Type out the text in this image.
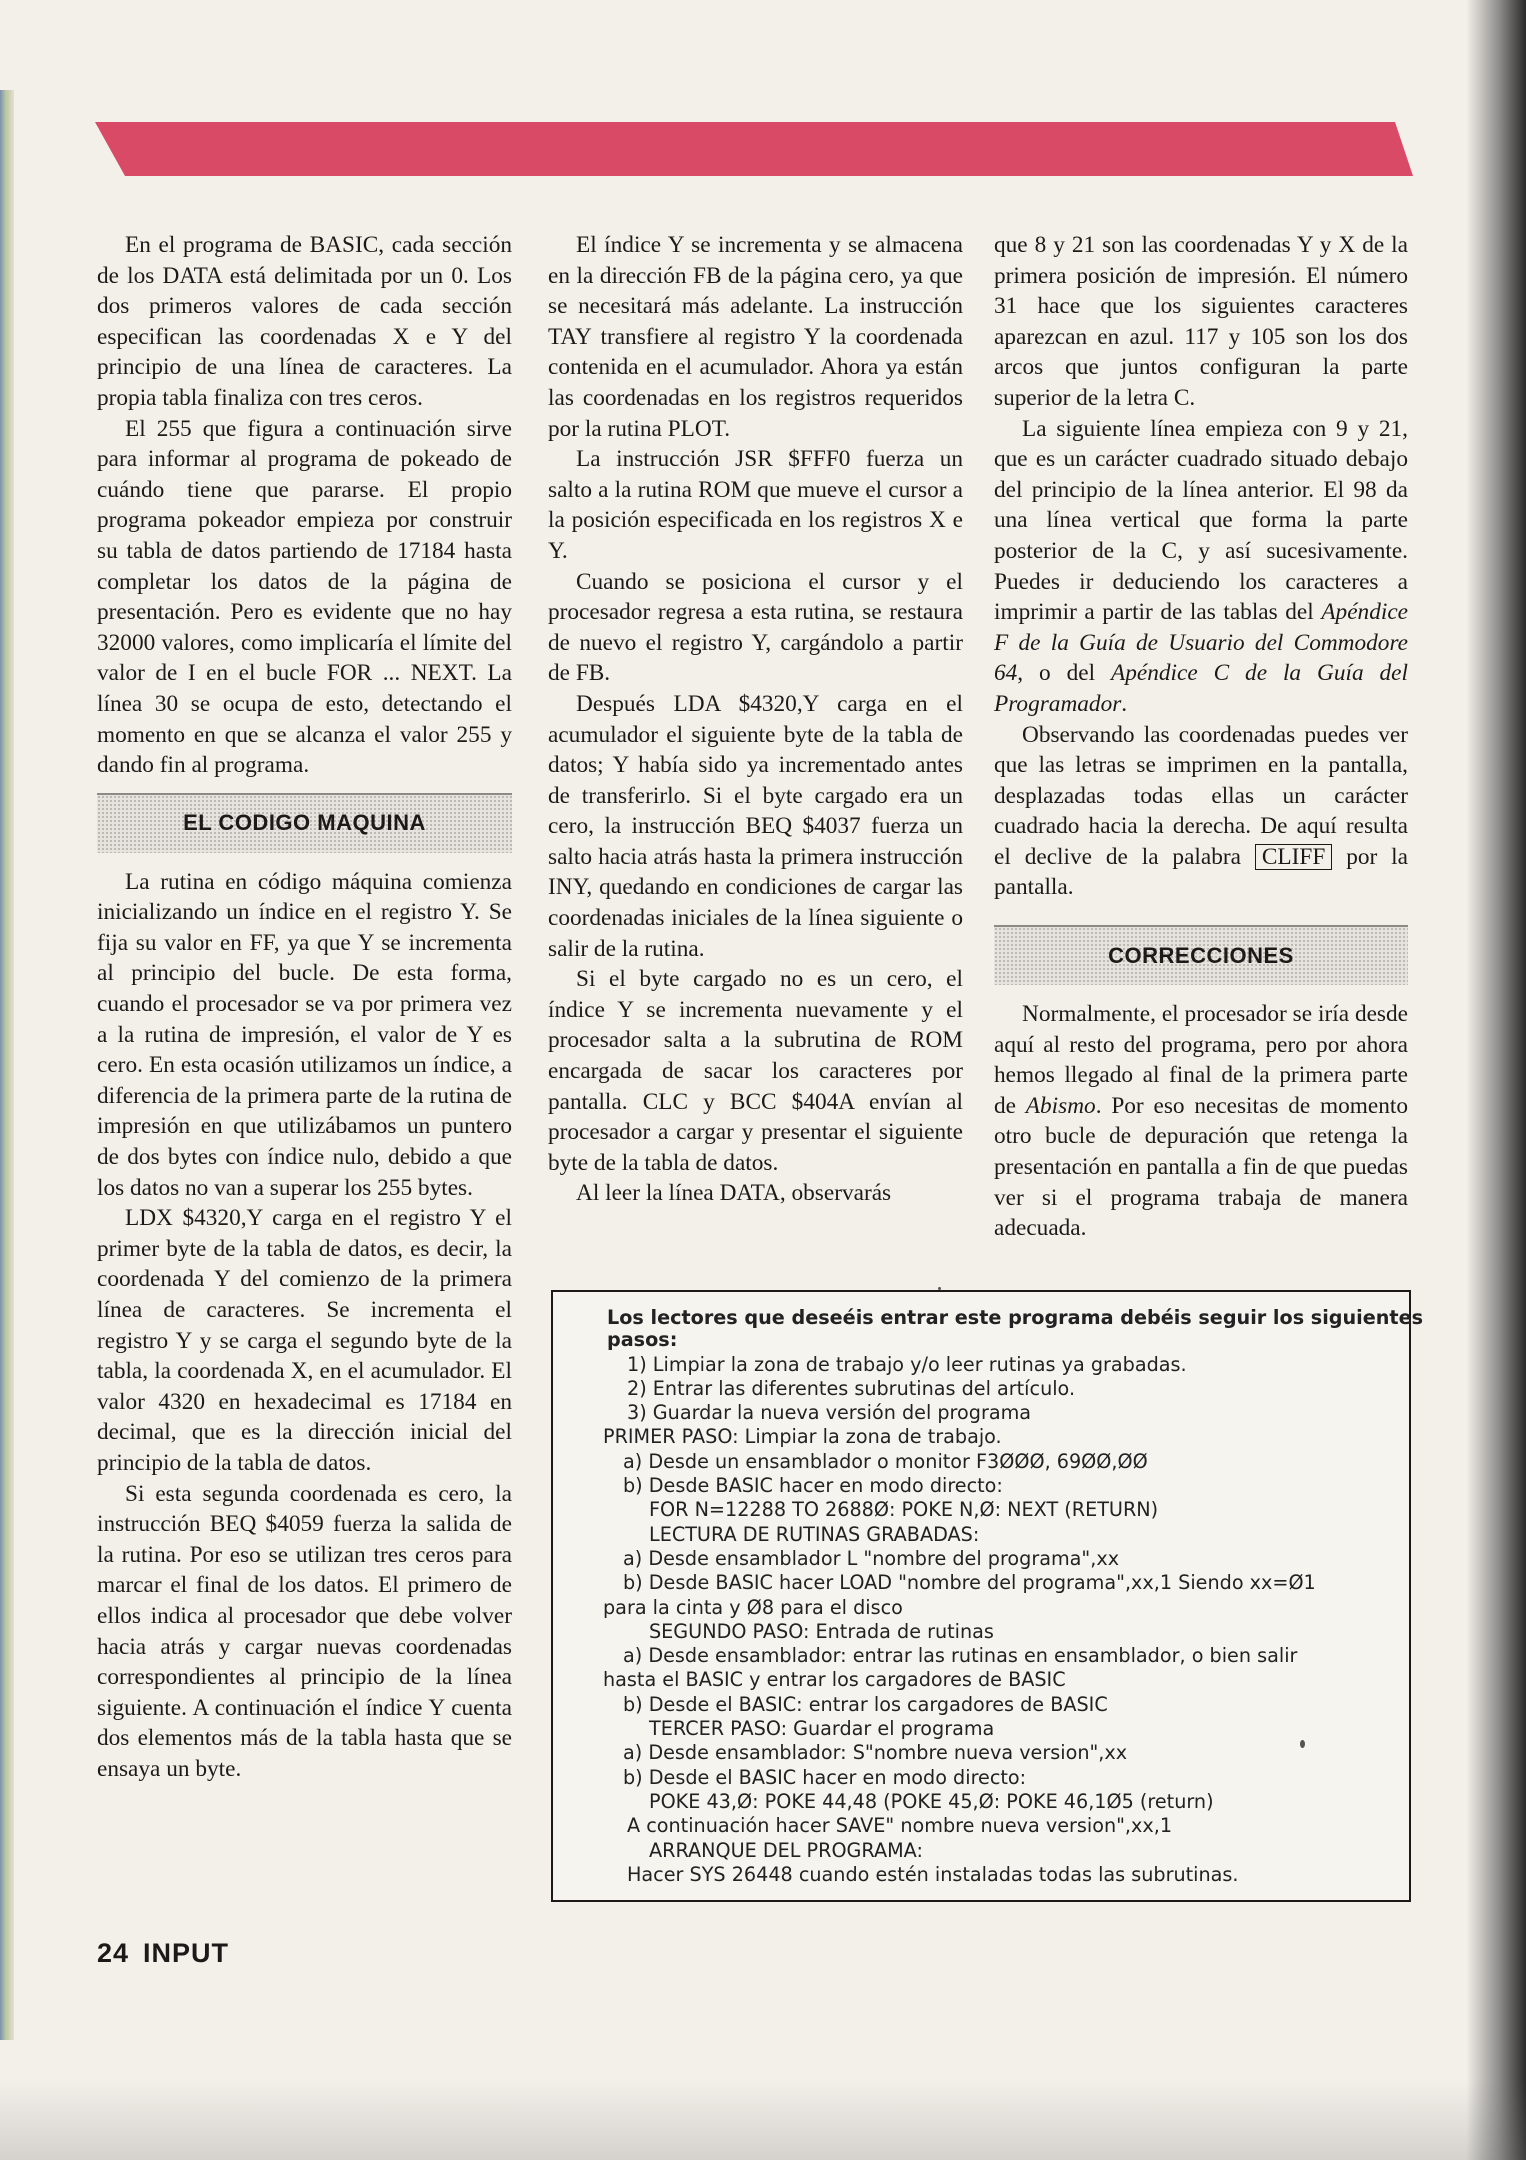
En el programa de BASIC, cada sección de los DATA está delimitada por un 0. Los dos primeros valores de cada sección especifican las coordenadas X e Y del principio de una línea de caracteres. La propia tabla finaliza con tres ceros.

El 255 que figura a continuación sirve para informar al programa de pokeado de cuándo tiene que pararse. El propio programa pokeador empieza por construir su tabla de datos partiendo de 17184 hasta completar los datos de la página de presentación. Pero es evidente que no hay 32000 valores, como implicaría el límite del valor de I en el bucle FOR ... NEXT. La línea 30 se ocupa de esto, detectando el momento en que se alcanza el valor 255 y dando fin al programa.

EL CODIGO MAQUINA

La rutina en código máquina comienza inicializando un índice en el registro Y. Se fija su valor en FF, ya que Y se incrementa al principio del bucle. De esta forma, cuando el procesador se va por primera vez a la rutina de impresión, el valor de Y es cero. En esta ocasión utilizamos un índice, a diferencia de la primera parte de la rutina de impresión en que utilizábamos un puntero de dos bytes con índice nulo, debido a que los datos no van a superar los 255 bytes.

LDX $4320,Y carga en el registro Y el primer byte de la tabla de datos, es decir, la coordenada Y del comienzo de la primera línea de caracteres. Se incrementa el registro Y y se carga el segundo byte de la tabla, la coordenada X, en el acumulador. El valor 4320 en hexadecimal es 17184 en decimal, que es la dirección inicial del principio de la tabla de datos.

Si esta segunda coordenada es cero, la instrucción BEQ $4059 fuerza la salida de la rutina. Por eso se utilizan tres ceros para marcar el final de los datos. El primero de ellos indica al procesador que debe volver hacia atrás y cargar nuevas coordenadas correspondientes al principio de la línea siguiente. A continuación el índice Y cuenta dos elementos más de la tabla hasta que se ensaya un byte.

El índice Y se incrementa y se almacena en la dirección FB de la página cero, ya que se necesitará más adelante. La instrucción TAY transfiere al registro Y la coordenada contenida en el acumulador. Ahora ya están las coordenadas en los registros requeridos por la rutina PLOT.

La instrucción JSR $FFF0 fuerza un salto a la rutina ROM que mueve el cursor a la posición especificada en los registros X e Y.

Cuando se posiciona el cursor y el procesador regresa a esta rutina, se restaura de nuevo el registro Y, cargándolo a partir de FB.

Después LDA $4320,Y carga en el acumulador el siguiente byte de la tabla de datos; Y había sido ya incrementado antes de transferirlo. Si el byte cargado era un cero, la instrucción BEQ $4037 fuerza un salto hacia atrás hasta la primera instrucción INY, quedando en condiciones de cargar las coordenadas iniciales de la línea siguiente o salir de la rutina.

Si el byte cargado no es un cero, el índice Y se incrementa nuevamente y el procesador salta a la subrutina de ROM encargada de sacar los caracteres por pantalla. CLC y BCC $404A envían al procesador a cargar y presentar el siguiente byte de la tabla de datos.

Al leer la línea DATA, observarás

que 8 y 21 son las coordenadas Y y X de la primera posición de impresión. El número 31 hace que los siguientes caracteres aparezcan en azul. 117 y 105 son los dos arcos que juntos configuran la parte superior de la letra C.

La siguiente línea empieza con 9 y 21, que es un carácter cuadrado situado debajo del principio de la línea anterior. El 98 da una línea vertical que forma la parte posterior de la C, y así sucesivamente. Puedes ir deduciendo los caracteres a imprimir a partir de las tablas del Apéndice F de la Guía de Usuario del Commodore 64, o del Apéndice C de la Guía del Programador.

Observando las coordenadas puedes ver que las letras se imprimen en la pantalla, desplazadas todas ellas un carácter cuadrado hacia la derecha. De aquí resulta el declive de la palabra CLIFF por la pantalla.

CORRECCIONES

Normalmente, el procesador se iría desde aquí al resto del programa, pero por ahora hemos llegado al final de la primera parte de Abismo. Por eso necesitas de momento otro bucle de depuración que retenga la presentación en pantalla a fin de que puedas ver si el programa trabaja de manera adecuada.

Los lectores que deseéis entrar este programa debéis seguir los siguientes
pasos:
1) Limpiar la zona de trabajo y/o leer rutinas ya grabadas.
2) Entrar las diferentes subrutinas del artículo.
3) Guardar la nueva versión del programa
PRIMER PASO: Limpiar la zona de trabajo.
a) Desde un ensamblador o monitor F3ØØØ, 69ØØ,ØØ
b) Desde BASIC hacer en modo directo:
FOR N=12288 TO 2688Ø: POKE N,Ø: NEXT (RETURN)
LECTURA DE RUTINAS GRABADAS:
a) Desde ensamblador L "nombre del programa",xx
b) Desde BASIC hacer LOAD "nombre del programa",xx,1 Siendo xx=Ø1
para la cinta y Ø8 para el disco
SEGUNDO PASO: Entrada de rutinas
a) Desde ensamblador: entrar las rutinas en ensamblador, o bien salir
hasta el BASIC y entrar los cargadores de BASIC
b) Desde el BASIC: entrar los cargadores de BASIC
TERCER PASO: Guardar el programa
a) Desde ensamblador: S"nombre nueva version",xx
b) Desde el BASIC hacer en modo directo:
POKE 43,Ø: POKE 44,48 (POKE 45,Ø: POKE 46,1Ø5 (return)
A continuación hacer SAVE" nombre nueva version",xx,1
ARRANQUE DEL PROGRAMA:
Hacer SYS 26448 cuando estén instaladas todas las subrutinas.
24 INPUT
